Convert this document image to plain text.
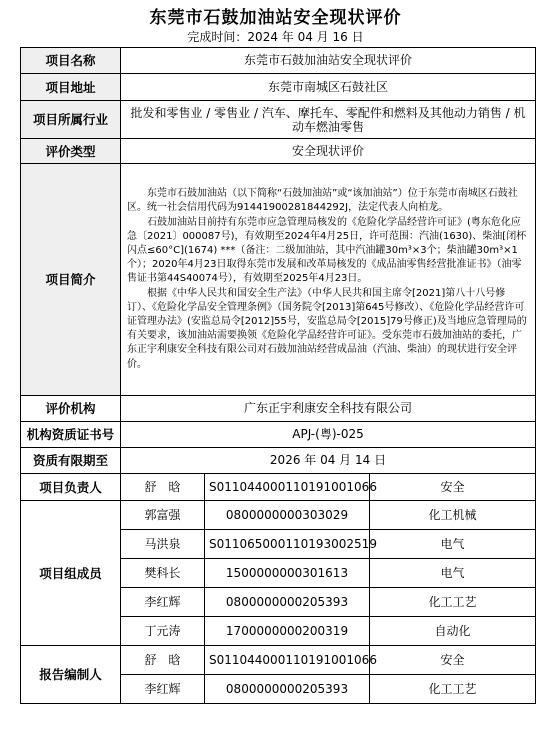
东莞市石鼓加油站安全现状评价
完成时间：2024 年 04 月 16 日
项目名称	东莞市石鼓加油站安全现状评价		
项目地址	东莞市南城区石鼓社区		
项目所属行业	批发和零售业 / 零售业 / 汽车、摩托车、零配件和燃料及其他动力销售 / 机动车燃油零售		
评价类型	安全现状评价		
项目简介	东莞市石鼓加油站（以下简称“石鼓加油站”或“该加油站”）位于东莞市南城区石鼓社区。统一社会信用代码为91441900281844292J，法定代表人向柏龙。

石鼓加油站目前持有东莞市应急管理局核发的《危险化学品经营许可证》(粤东危化应急〔2021〕000087号)，有效期至2024年4月25日，许可范围：汽油(1630)、柴油[闭杯闪点≤60°C](1674) ***（备注：二级加油站，其中汽油罐30m³×3个；柴油罐30m³×1个）；2020年4月23日取得东莞市发展和改革局核发的《成品油零售经营批准证书》（油零售证书第44S40074号），有效期至2025年4月23日。

根据《中华人民共和国安全生产法》（中华人民共和国主席令[2021]第八十八号修订）、《危险化学品安全管理条例》（国务院令[2013]第645号修改）、《危险化学品经营许可证管理办法》(安监总局令[2012]55号，安监总局令[2015]79号修正)及当地应急管理局的有关要求，该加油站需要换领《危险化学品经营许可证》。受东莞市石鼓加油站的委托，广东正宇利康安全科技有限公司对石鼓加油站经营成品油（汽油、柴油）的现状进行安全评价。		

评价机构	广东正宇利康安全科技有限公司		
机构资质证书号	APJ-(粤)-025		
资质有限期至	2026 年 04 月 14 日		
项目负责人	舒　晗	S011044000110191001066	安全
项目组成员	郭富强	0800000000303029	化工机械
	马洪泉	S011065000110193002519	电气
	樊科长	1500000000301613	电气
	李红辉	0800000000205393	化工工艺
	丁元涛	1700000000200319	自动化
报告编制人	舒　晗	S011044000110191001066	安全
	李红辉	0800000000205393	化工工艺
